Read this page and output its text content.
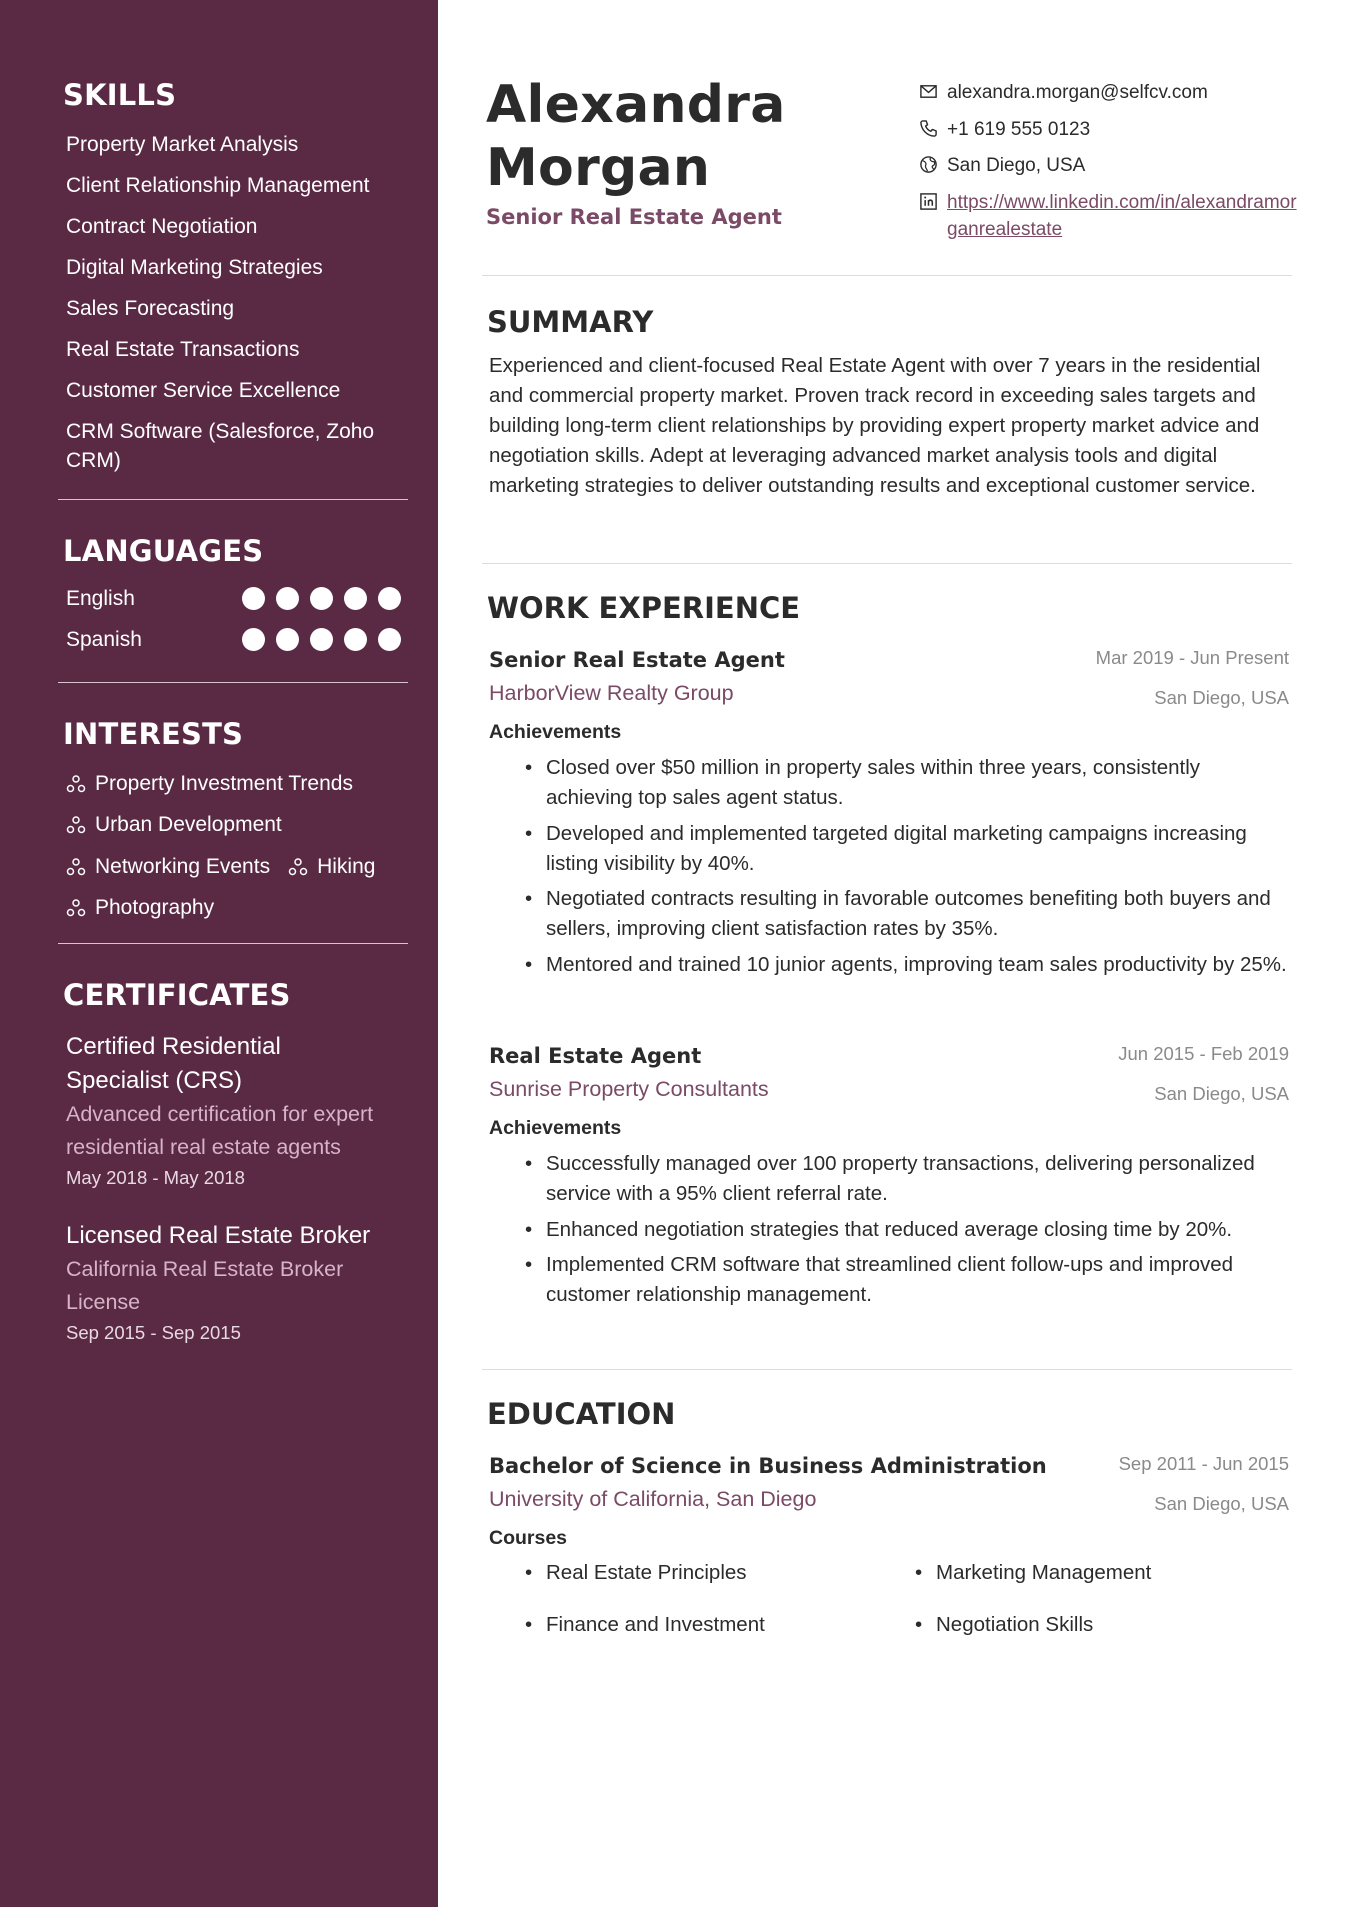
SKILLS
Property Market Analysis
Client Relationship Management
Contract Negotiation
Digital Marketing Strategies
Sales Forecasting
Real Estate Transactions
Customer Service Excellence
CRM Software (Salesforce, Zoho CRM)
LANGUAGES
English
Spanish
INTERESTS
Property Investment Trends
Urban Development
Networking Events Hiking
Photography
CERTIFICATES
Certified Residential Specialist (CRS)
Advanced certification for expert residential real estate agents
May 2018 - May 2018
Licensed Real Estate Broker
California Real Estate Broker License
Sep 2015 - Sep 2015
Alexandra
Morgan
Senior Real Estate Agent
alexandra.morgan@selfcv.com
+1 619 555 0123
San Diego, USA
https://www.linkedin.com/in/alexandramorganrealestate
SUMMARY

Experienced and client-focused Real Estate Agent with over 7 years in the residential and commercial property market. Proven track record in exceeding sales targets and building long-term client relationships by providing expert property market advice and negotiation skills. Adept at leveraging advanced market analysis tools and digital marketing strategies to deliver outstanding results and exceptional customer service.

WORK EXPERIENCE
Senior Real Estate Agent
HarborView Realty Group
Mar 2019 - Jun Present
San Diego, USA
Achievements
• Closed over $50 million in property sales within three years, consistently achieving top sales agent status.
• Developed and implemented targeted digital marketing campaigns increasing listing visibility by 40%.
• Negotiated contracts resulting in favorable outcomes benefiting both buyers and sellers, improving client satisfaction rates by 35%.
• Mentored and trained 10 junior agents, improving team sales productivity by 25%.
Real Estate Agent
Sunrise Property Consultants
Jun 2015 - Feb 2019
San Diego, USA
Achievements
• Successfully managed over 100 property transactions, delivering personalized service with a 95% client referral rate.
• Enhanced negotiation strategies that reduced average closing time by 20%.
• Implemented CRM software that streamlined client follow-ups and improved customer relationship management.
EDUCATION
Bachelor of Science in Business Administration
University of California, San Diego
Sep 2011 - Jun 2015
San Diego, USA
Courses
• Real Estate Principles	• Marketing Management
• Finance and Investment	• Negotiation Skills
